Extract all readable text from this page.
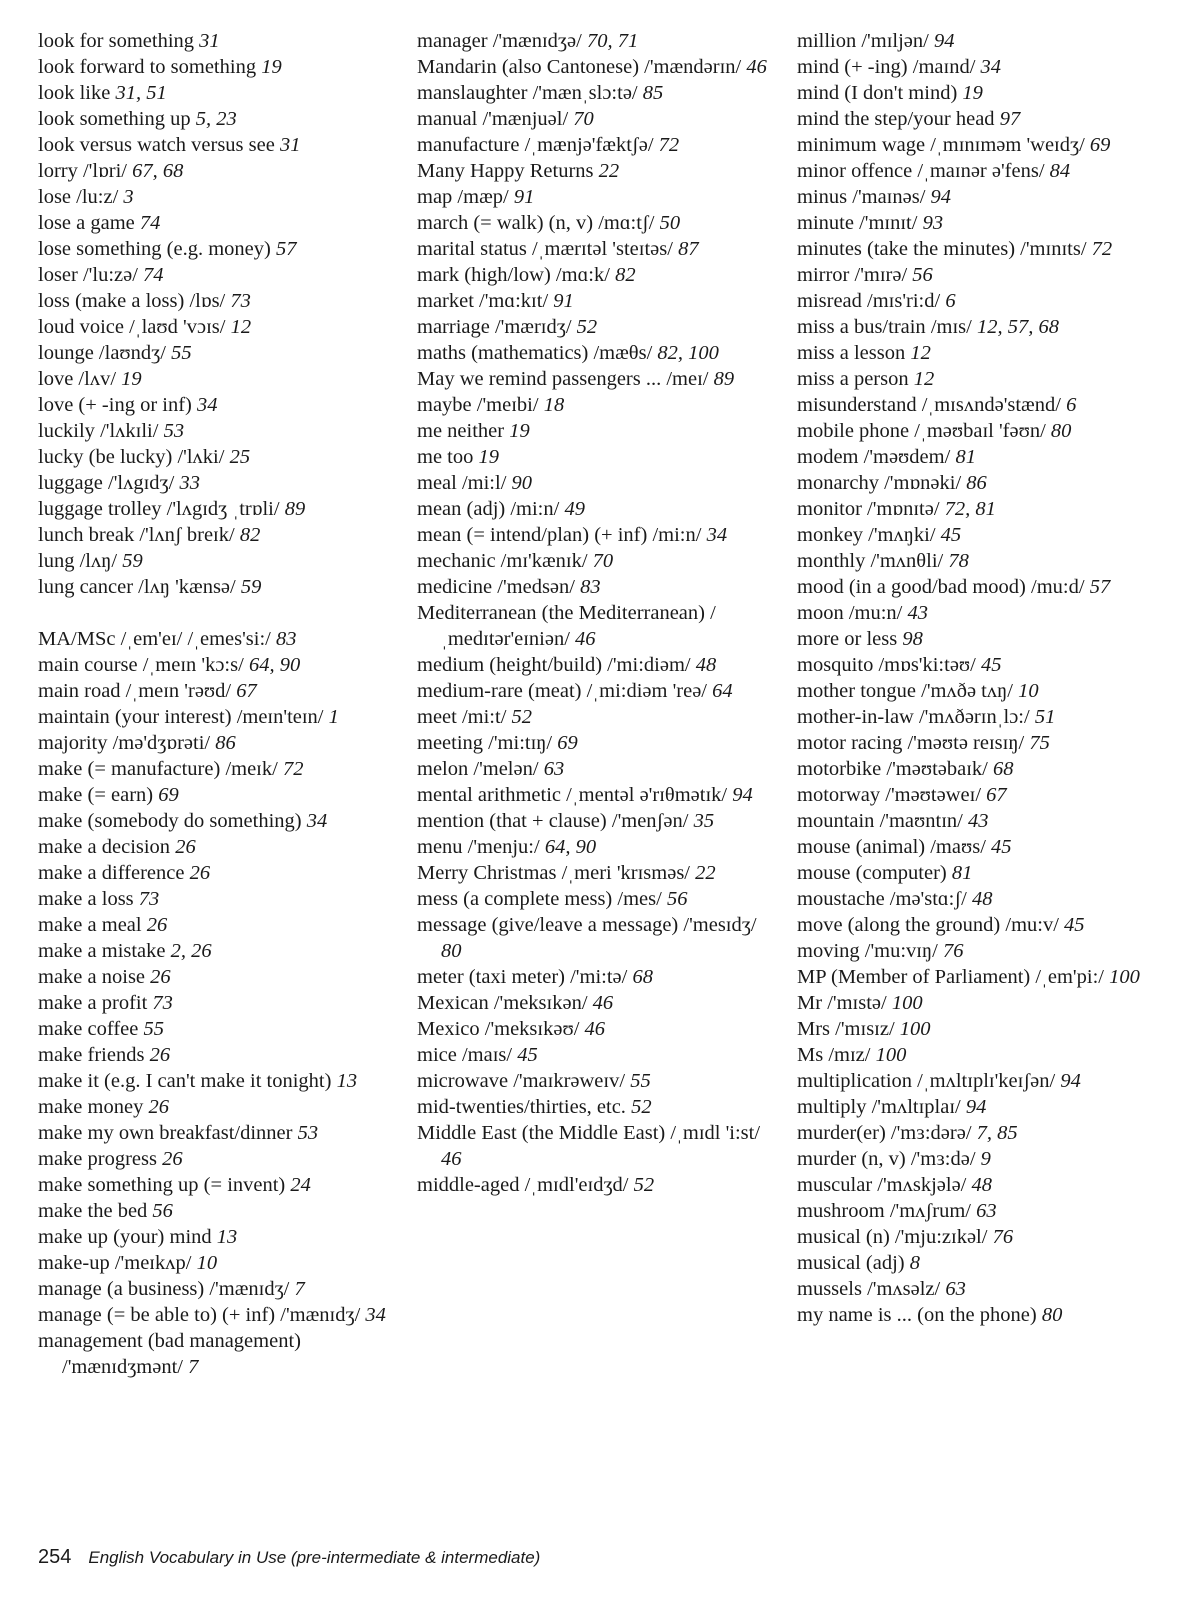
look for something 31
look forward to something 19
look like 31, 51
look something up 5, 23
look versus watch versus see 31
lorry /'lɒri/ 67, 68
lose /lu:z/ 3
lose a game 74
lose something (e.g. money) 57
loser /'lu:zə/ 74
loss (make a loss) /lɒs/ 73
loud voice /ˌlaʊd 'vɔɪs/ 12
lounge /laʊndʒ/ 55
love /lʌv/ 19
love (+ -ing or inf) 34
luckily /'lʌkɪli/ 53
lucky (be lucky) /'lʌki/ 25
luggage /'lʌgɪdʒ/ 33
luggage trolley /'lʌgɪdʒ ˌtrɒli/ 89
lunch break /'lʌnʃ breɪk/ 82
lung /lʌŋ/ 59
lung cancer /lʌŋ 'kænsə/ 59
MA/MSc /ˌem'eɪ/ /ˌemes'si:/ 83
main course /ˌmeɪn 'kɔ:s/ 64, 90
main road /ˌmeɪn 'rəʊd/ 67
maintain (your interest) /meɪn'teɪn/ 1
majority /mə'dʒɒrəti/ 86
make (= manufacture) /meɪk/ 72
make (= earn) 69
make (somebody do something) 34
make a decision 26
make a difference 26
make a loss 73
make a meal 26
make a mistake 2, 26
make a noise 26
make a profit 73
make coffee 55
make friends 26
make it (e.g. I can't make it tonight) 13
make money 26
make my own breakfast/dinner 53
make progress 26
make something up (= invent) 24
make the bed 56
make up (your) mind 13
make-up /'meɪkʌp/ 10
manage (a business) /'mænɪdʒ/ 7
manage (= be able to) (+ inf) /'mænɪdʒ/ 34
management (bad management) /'mænɪdʒmənt/ 7
manager /'mænɪdʒə/ 70, 71
Mandarin (also Cantonese) /'mændərɪn/ 46
manslaughter /'mænˌslɔ:tə/ 85
manual /'mænjuəl/ 70
manufacture /ˌmænjə'fæktʃə/ 72
Many Happy Returns 22
map /mæp/ 91
march (= walk) (n, v) /mɑ:tʃ/ 50
marital status /ˌmærɪtəl 'steɪtəs/ 87
mark (high/low) /mɑ:k/ 82
market /'mɑ:kɪt/ 91
marriage /'mærɪdʒ/ 52
maths (mathematics) /mæθs/ 82, 100
May we remind passengers ... /meɪ/ 89
maybe /'meɪbi/ 18
me neither 19
me too 19
meal /mi:l/ 90
mean (adj) /mi:n/ 49
mean (= intend/plan) (+ inf) /mi:n/ 34
mechanic /mɪ'kænɪk/ 70
medicine /'medsən/ 83
Mediterranean (the Mediterranean) /ˌmedɪtər'eɪniən/ 46
medium (height/build) /'mi:diəm/ 48
medium-rare (meat) /ˌmi:diəm 'reə/ 64
meet /mi:t/ 52
meeting /'mi:tɪŋ/ 69
melon /'melən/ 63
mental arithmetic /ˌmentəl ə'rɪθmətɪk/ 94
mention (that + clause) /'menʃən/ 35
menu /'menju:/ 64, 90
Merry Christmas /ˌmeri 'krɪsməs/ 22
mess (a complete mess) /mes/ 56
message (give/leave a message) /'mesɪdʒ/ 80
meter (taxi meter) /'mi:tə/ 68
Mexican /'meksɪkən/ 46
Mexico /'meksɪkəʊ/ 46
mice /maɪs/ 45
microwave /'maɪkrəweɪv/ 55
mid-twenties/thirties, etc. 52
Middle East (the Middle East) /ˌmɪdl 'i:st/ 46
middle-aged /ˌmɪdl'eɪdʒd/ 52
million /'mɪljən/ 94
mind (+ -ing) /maɪnd/ 34
mind (I don't mind) 19
mind the step/your head 97
minimum wage /ˌmɪnɪməm 'weɪdʒ/ 69
minor offence /ˌmaɪnər ə'fens/ 84
minus /'maɪnəs/ 94
minute /'mɪnɪt/ 93
minutes (take the minutes) /'mɪnɪts/ 72
mirror /'mɪrə/ 56
misread /mɪs'ri:d/ 6
miss a bus/train /mɪs/ 12, 57, 68
miss a lesson 12
miss a person 12
misunderstand /ˌmɪsʌndə'stænd/ 6
mobile phone /ˌməʊbaɪl 'fəʊn/ 80
modem /'məʊdem/ 81
monarchy /'mɒnəki/ 86
monitor /'mɒnɪtə/ 72, 81
monkey /'mʌŋki/ 45
monthly /'mʌnθli/ 78
mood (in a good/bad mood) /mu:d/ 57
moon /mu:n/ 43
more or less 98
mosquito /mɒs'ki:təʊ/ 45
mother tongue /'mʌðə tʌŋ/ 10
mother-in-law /'mʌðərɪnˌlɔ:/ 51
motor racing /'məʊtə reɪsɪŋ/ 75
motorbike /'məʊtəbaɪk/ 68
motorway /'məʊtəweɪ/ 67
mountain /'maʊntɪn/ 43
mouse (animal) /maʊs/ 45
mouse (computer) 81
moustache /mə'stɑ:ʃ/ 48
move (along the ground) /mu:v/ 45
moving /'mu:vɪŋ/ 76
MP (Member of Parliament) /ˌem'pi:/ 100
Mr /'mɪstə/ 100
Mrs /'mɪsɪz/ 100
Ms /mɪz/ 100
multiplication /ˌmʌltɪplɪ'keɪʃən/ 94
multiply /'mʌltɪplaɪ/ 94
murder(er) /'mɜ:dərə/ 7, 85
murder (n, v) /'mɜ:də/ 9
muscular /'mʌskjələ/ 48
mushroom /'mʌʃrum/ 63
musical (n) /'mju:zɪkəl/ 76
musical (adj) 8
mussels /'mʌsəlz/ 63
my name is ... (on the phone) 80
254 English Vocabulary in Use (pre-intermediate & intermediate)
